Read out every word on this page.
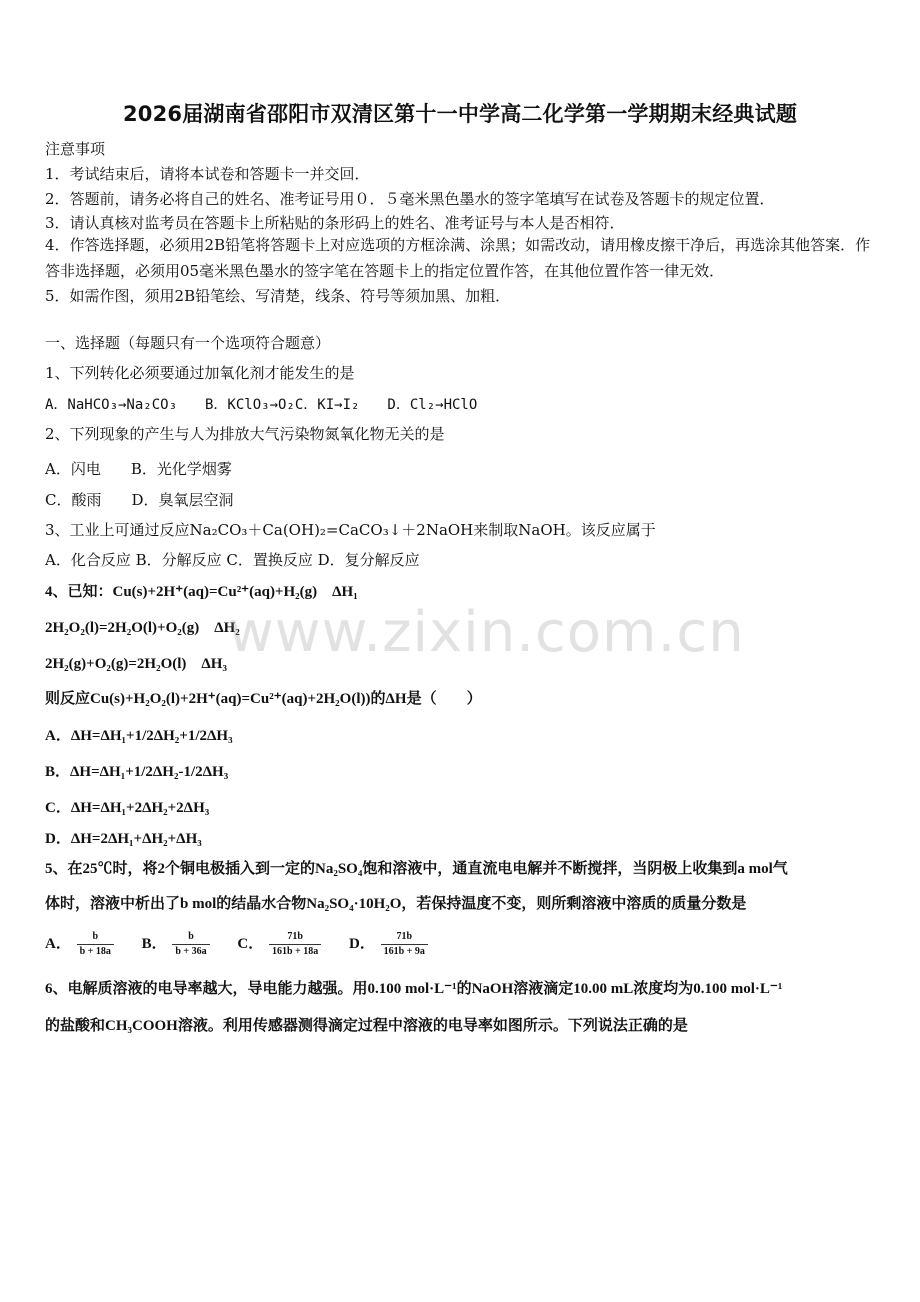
2026届湖南省邵阳市双清区第十一中学高二化学第一学期期末经典试题
注意事项
1．考试结束后，请将本试卷和答题卡一并交回．
2．答题前，请务必将自己的姓名、准考证号用０．５毫米黑色墨水的签字笔填写在试卷及答题卡的规定位置．
3．请认真核对监考员在答题卡上所粘贴的条形码上的姓名、准考证号与本人是否相符．
4．作答选择题，必须用2B铅笔将答题卡上对应选项的方框涂满、涂黑；如需改动，请用橡皮擦干净后，再选涂其他答案．作答非选择题，必须用05毫米黑色墨水的签字笔在答题卡上的指定位置作答，在其他位置作答一律无效．
5．如需作图，须用2B铅笔绘、写清楚，线条、符号等须加黑、加粗．
一、选择题（每题只有一个选项符合题意）
1、下列转化必须要通过加氧化剂才能发生的是
A．NaHCO₃→Na₂CO₃　　B．KClO₃→O₂C．KI→I₂　　D．Cl₂→HClO
2、下列现象的产生与人为排放大气污染物氮氧化物无关的是
A．闪电　　B．光化学烟雾
C．酸雨　　D．臭氧层空洞
3、工业上可通过反应Na₂CO₃＋Ca(OH)₂=CaCO₃↓＋2NaOH来制取NaOH。该反应属于
A．化合反应 B．分解反应 C．置换反应 D．复分解反应
4、已知：Cu(s)+2H⁺(aq)=Cu²⁺(aq)+H₂(g)　ΔH₁
2H₂O₂(l)=2H₂O(l)+O₂(g)　ΔH₂
2H₂(g)+O₂(g)=2H₂O(l)　ΔH₃
则反应Cu(s)+H₂O₂(l)+2H⁺(aq)=Cu²⁺(aq)+2H₂O(l))的ΔH是（　　）
A．ΔH=ΔH₁+1/2ΔH₂+1/2ΔH₃
B．ΔH=ΔH₁+1/2ΔH₂-1/2ΔH₃
C．ΔH=ΔH₁+2ΔH₂+2ΔH₃
D．ΔH=2ΔH₁+ΔH₂+ΔH₃
5、在25℃时，将2个铜电极插入到一定的Na₂SO₄饱和溶液中，通直流电电解并不断搅拌，当阴极上收集到a mol气
体时，溶液中析出了b mol的结晶水合物Na₂SO₄·10H₂O，若保持温度不变，则所剩溶液中溶质的质量分数是
A． $\frac{b}{b + 18a}$ B． $\frac{b}{b + 36a}$ C． $\frac{71b}{161b + 18a}$ D． $\frac{71b}{161b + 9a}$
6、电解质溶液的电导率越大，导电能力越强。用0.100 mol·L⁻¹的NaOH溶液滴定10.00 mL浓度均为0.100 mol·L⁻¹
的盐酸和CH₃COOH溶液。利用传感器测得滴定过程中溶液的电导率如图所示。下列说法正确的是
www.zixin.com.cn
